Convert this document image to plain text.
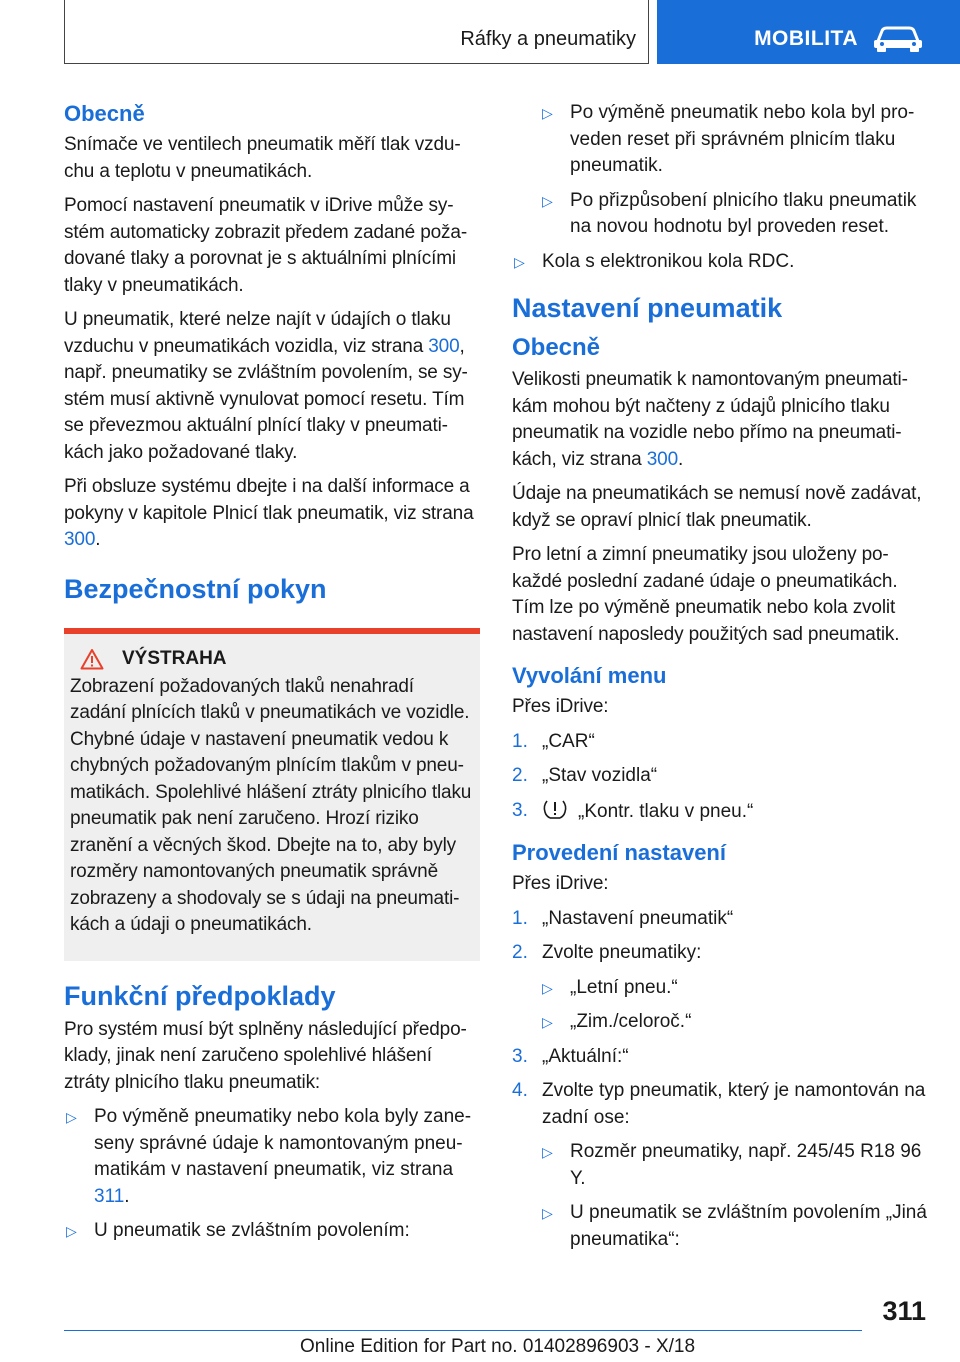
Ráfky a pneumatiky	MOBILITA
Obecně

Snímače ve ventilech pneumatik měří tlak vzdu-chu a teplotu v pneumatikách.

Pomocí nastavení pneumatik v iDrive může sy-stém automaticky zobrazit předem zadané poža-dované tlaky a porovnat je s aktuálními plnícími tlaky v pneumatikách.

U pneumatik, které nelze najít v údajích o tlaku vzduchu v pneumatikách vozidla, viz strana 300, např. pneumatiky se zvláštním povolením, se sy-stém musí aktivně vynulovat pomocí resetu. Tím se převezmou aktuální plnící tlaky v pneumati-kách jako požadované tlaky.

Při obsluze systému dbejte i na další informace a pokyny v kapitole Plnicí tlak pneumatik, viz strana 300.

Bezpečnostní pokyn
VÝSTRAHA

Zobrazení požadovaných tlaků nenahradí zadání plnících tlaků v pneumatikách ve vozidle. Chybné údaje v nastavení pneumatik vedou k chybných požadovaným plnícím tlakům v pneu-matikách. Spolehlivé hlášení ztráty plnicího tlaku pneumatik pak není zaručeno. Hrozí riziko zranění a věcných škod. Dbejte na to, aby byly rozměry namontovaných pneumatik správně zobrazeny a shodovaly se s údaji na pneumati-kách a údaji o pneumatikách.

Funkční předpoklady

Pro systém musí být splněny následující předpo-klady, jinak není zaručeno spolehlivé hlášení ztráty plnicího tlaku pneumatik:

▷ Po výměně pneumatiky nebo kola byly zane-seny správné údaje k namontovaným pneu-matikám v nastavení pneumatik, viz strana 311.
▷ U pneumatik se zvláštním povolením:
▷ Po výměně pneumatik nebo kola byl pro-veden reset při správném plnicím tlaku pneumatik.
▷ Po přizpůsobení plnicího tlaku pneumatik na novou hodnotu byl proveden reset.
▷ Kola s elektronikou kola RDC.
Nastavení pneumatik
Obecně

Velikosti pneumatik k namontovaným pneumati-kám mohou být načteny z údajů plnicího tlaku pneumatik na vozidle nebo přímo na pneumati-kách, viz strana 300.

Údaje na pneumatikách se nemusí nově zadávat, když se opraví plnicí tlak pneumatik.

Pro letní a zimní pneumatiky jsou uloženy po-každé poslední zadané údaje o pneumatikách. Tím lze po výměně pneumatik nebo kola zvolit nastavení naposledy použitých sad pneumatik.

Vyvolání menu

Přes iDrive:

1. „CAR“
2. „Stav vozidla“
3.	„Kontr. tlaku v pneu.“
Provedení nastavení

Přes iDrive:

1. „Nastavení pneumatik“
2. Zvolte pneumatiky:
▷ „Letní pneu.“
▷ „Zim./celoroč.“
3. „Aktuální:“
4. Zvolte typ pneumatik, který je namontován na zadní ose:
▷ Rozměr pneumatiky, např. 245/45 R18 96 Y.
▷ U pneumatik se zvláštním povolením „Jiná pneumatika“:
311
Online Edition for Part no. 01402896903 - X/18
